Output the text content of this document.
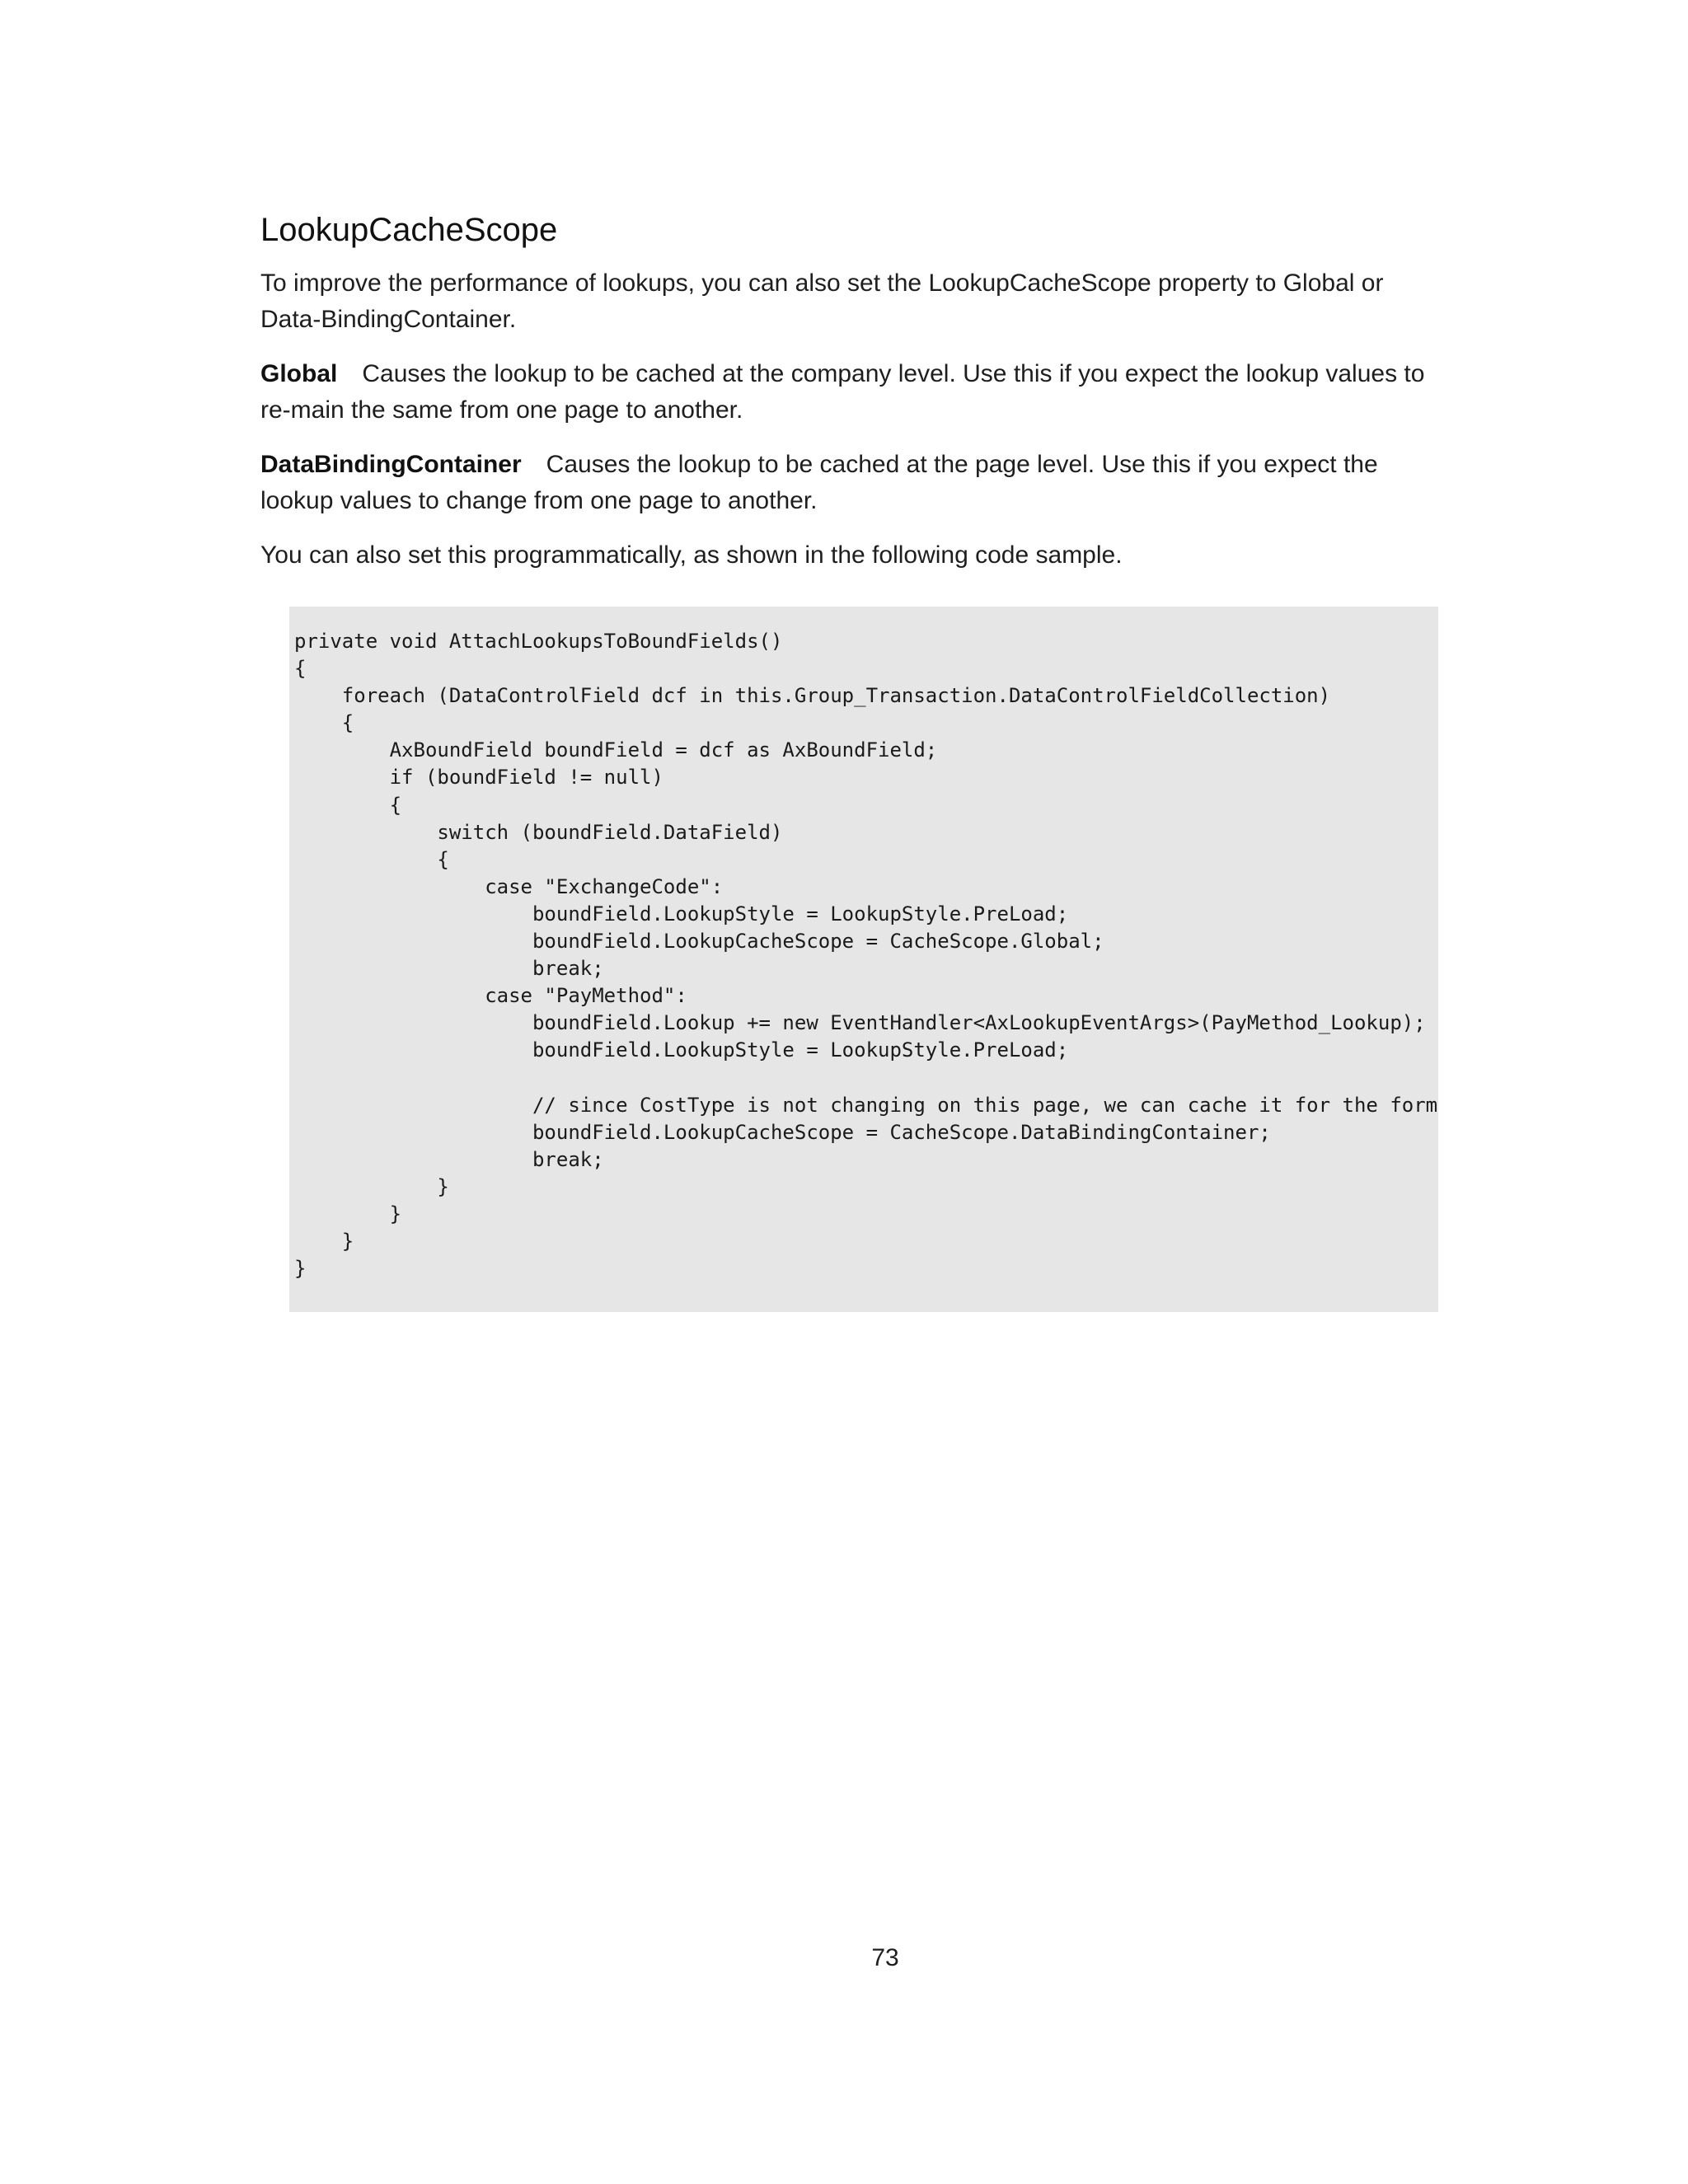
LookupCacheScope

To improve the performance of lookups, you can also set the LookupCacheScope property to Global or Data-BindingContainer.

Global Causes the lookup to be cached at the company level. Use this if you expect the lookup values to re-main the same from one page to another.

DataBindingContainer Causes the lookup to be cached at the page level. Use this if you expect the lookup values to change from one page to another.

You can also set this programmatically, as shown in the following code sample.

private void AttachLookupsToBoundFields()
{
foreach (DataControlField dcf in this.Group_Transaction.DataControlFieldCollection)
{
AxBoundField boundField = dcf as AxBoundField;
if (boundField != null)
{
switch (boundField.DataField)
{
case "ExchangeCode":
boundField.LookupStyle = LookupStyle.PreLoad;
boundField.LookupCacheScope = CacheScope.Global;
break;
case "PayMethod":
boundField.Lookup += new EventHandler<AxLookupEventArgs>(PayMethod_Lookup);
boundField.LookupStyle = LookupStyle.PreLoad;
// since CostType is not changing on this page, we can cache it for the form
boundField.LookupCacheScope = CacheScope.DataBindingContainer;
break;
}
}
}
}
73
